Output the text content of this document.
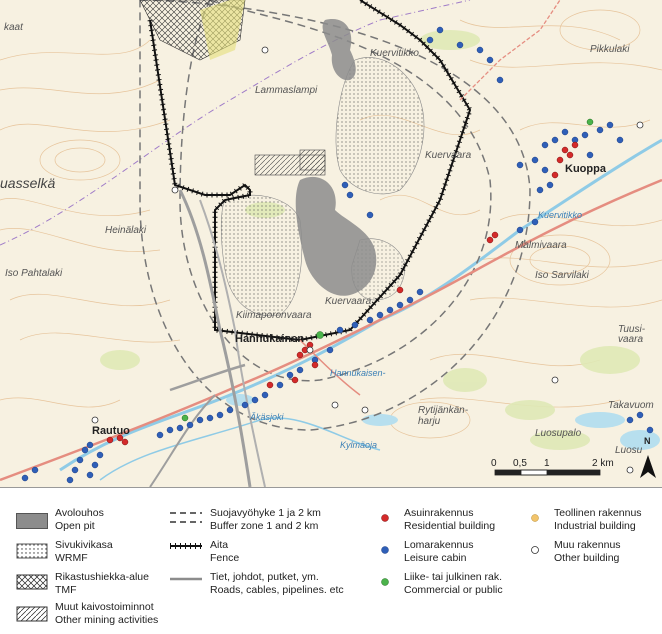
kaat
Kuervitikko
Lammaslampi
Kuervaara
uasselkä
Heinälaki
Iso Pahtalaki
Pikkulaki
Kuoppa
Kuervitikko
Malmivaara
Iso Sarvilaki
Tuusi-vaara
Kuervaara
Kiimaporonvaara
Hannukainen
Hannukaisen-
Rautuo
Äkäsjoki
Rytijänkän-harju
Luosupalo
Takavuom
Luosu
Kylmäoja
0 0,5 1	2 km
N
Avolouhos
Open pit
Sivukivikasa
WRMF
Rikastushiekka-alue
TMF
Muut kaivostoiminnot
Other mining activities
Suojavyöhyke 1 ja 2 km
Buffer zone 1 and 2 km
Aita
Fence
Tiet, johdot, putket, ym.
Roads, cables, pipelines. etc
Asuinrakennus
Residential building
Lomarakennus
Leisure cabin
Liike- tai julkinen rak.
Commercial or public
Teollinen rakennus
Industrial building
Muu rakennus
Other building
